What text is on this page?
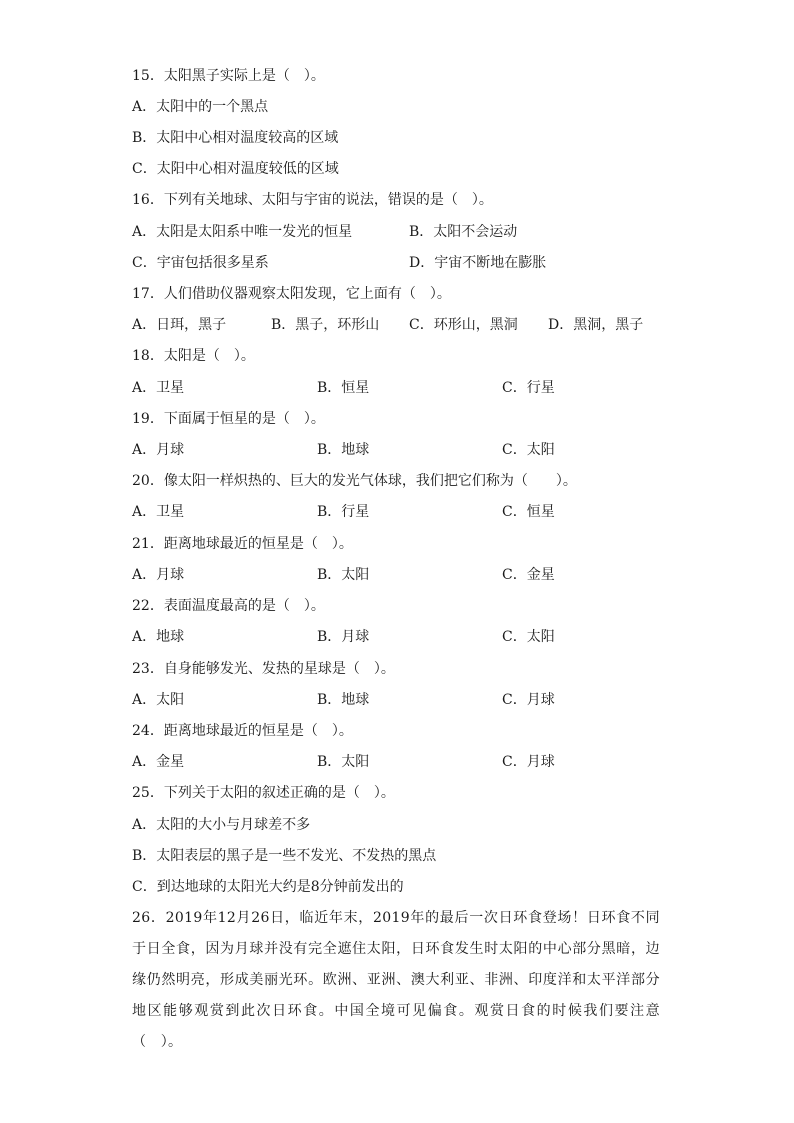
15．太阳黑子实际上是（　）。
A．太阳中的一个黑点
B．太阳中心相对温度较高的区域
C．太阳中心相对温度较低的区域
16．下列有关地球、太阳与宇宙的说法，错误的是（　）。
A．太阳是太阳系中唯一发光的恒星	B．太阳不会运动
C．宇宙包括很多星系	D．宇宙不断地在膨胀
17．人们借助仪器观察太阳发现，它上面有（　）。
A．日珥，黑子	B．黑子，环形山 C．环形山，黑洞 D．黑洞，黑子
18．太阳是（　）。
A．卫星	B．恒星	C．行星
19．下面属于恒星的是（　）。
A．月球	B．地球	C．太阳
20．像太阳一样炽热的、巨大的发光气体球，我们把它们称为（　　）。
A．卫星	B．行星	C．恒星
21．距离地球最近的恒星是（　）。
A．月球	B．太阳	C．金星
22．表面温度最高的是（　）。
A．地球	B．月球	C．太阳
23．自身能够发光、发热的星球是（　）。
A．太阳	B．地球	C．月球
24．距离地球最近的恒星是（　）。
A．金星	B．太阳	C．月球
25．下列关于太阳的叙述正确的是（　）。
A．太阳的大小与月球差不多
B．太阳表层的黑子是一些不发光、不发热的黑点
C．到达地球的太阳光大约是8分钟前发出的
26．2019年12月26日，临近年末，2019年的最后一次日环食登场！日环食不同于日全食，因为月球并没有完全遮住太阳，日环食发生时太阳的中心部分黑暗，边缘仍然明亮，形成美丽光环。欧洲、亚洲、澳大利亚、非洲、印度洋和太平洋部分地区能够观赏到此次日环食。中国全境可见偏食。观赏日食的时候我们要注意（　）。
